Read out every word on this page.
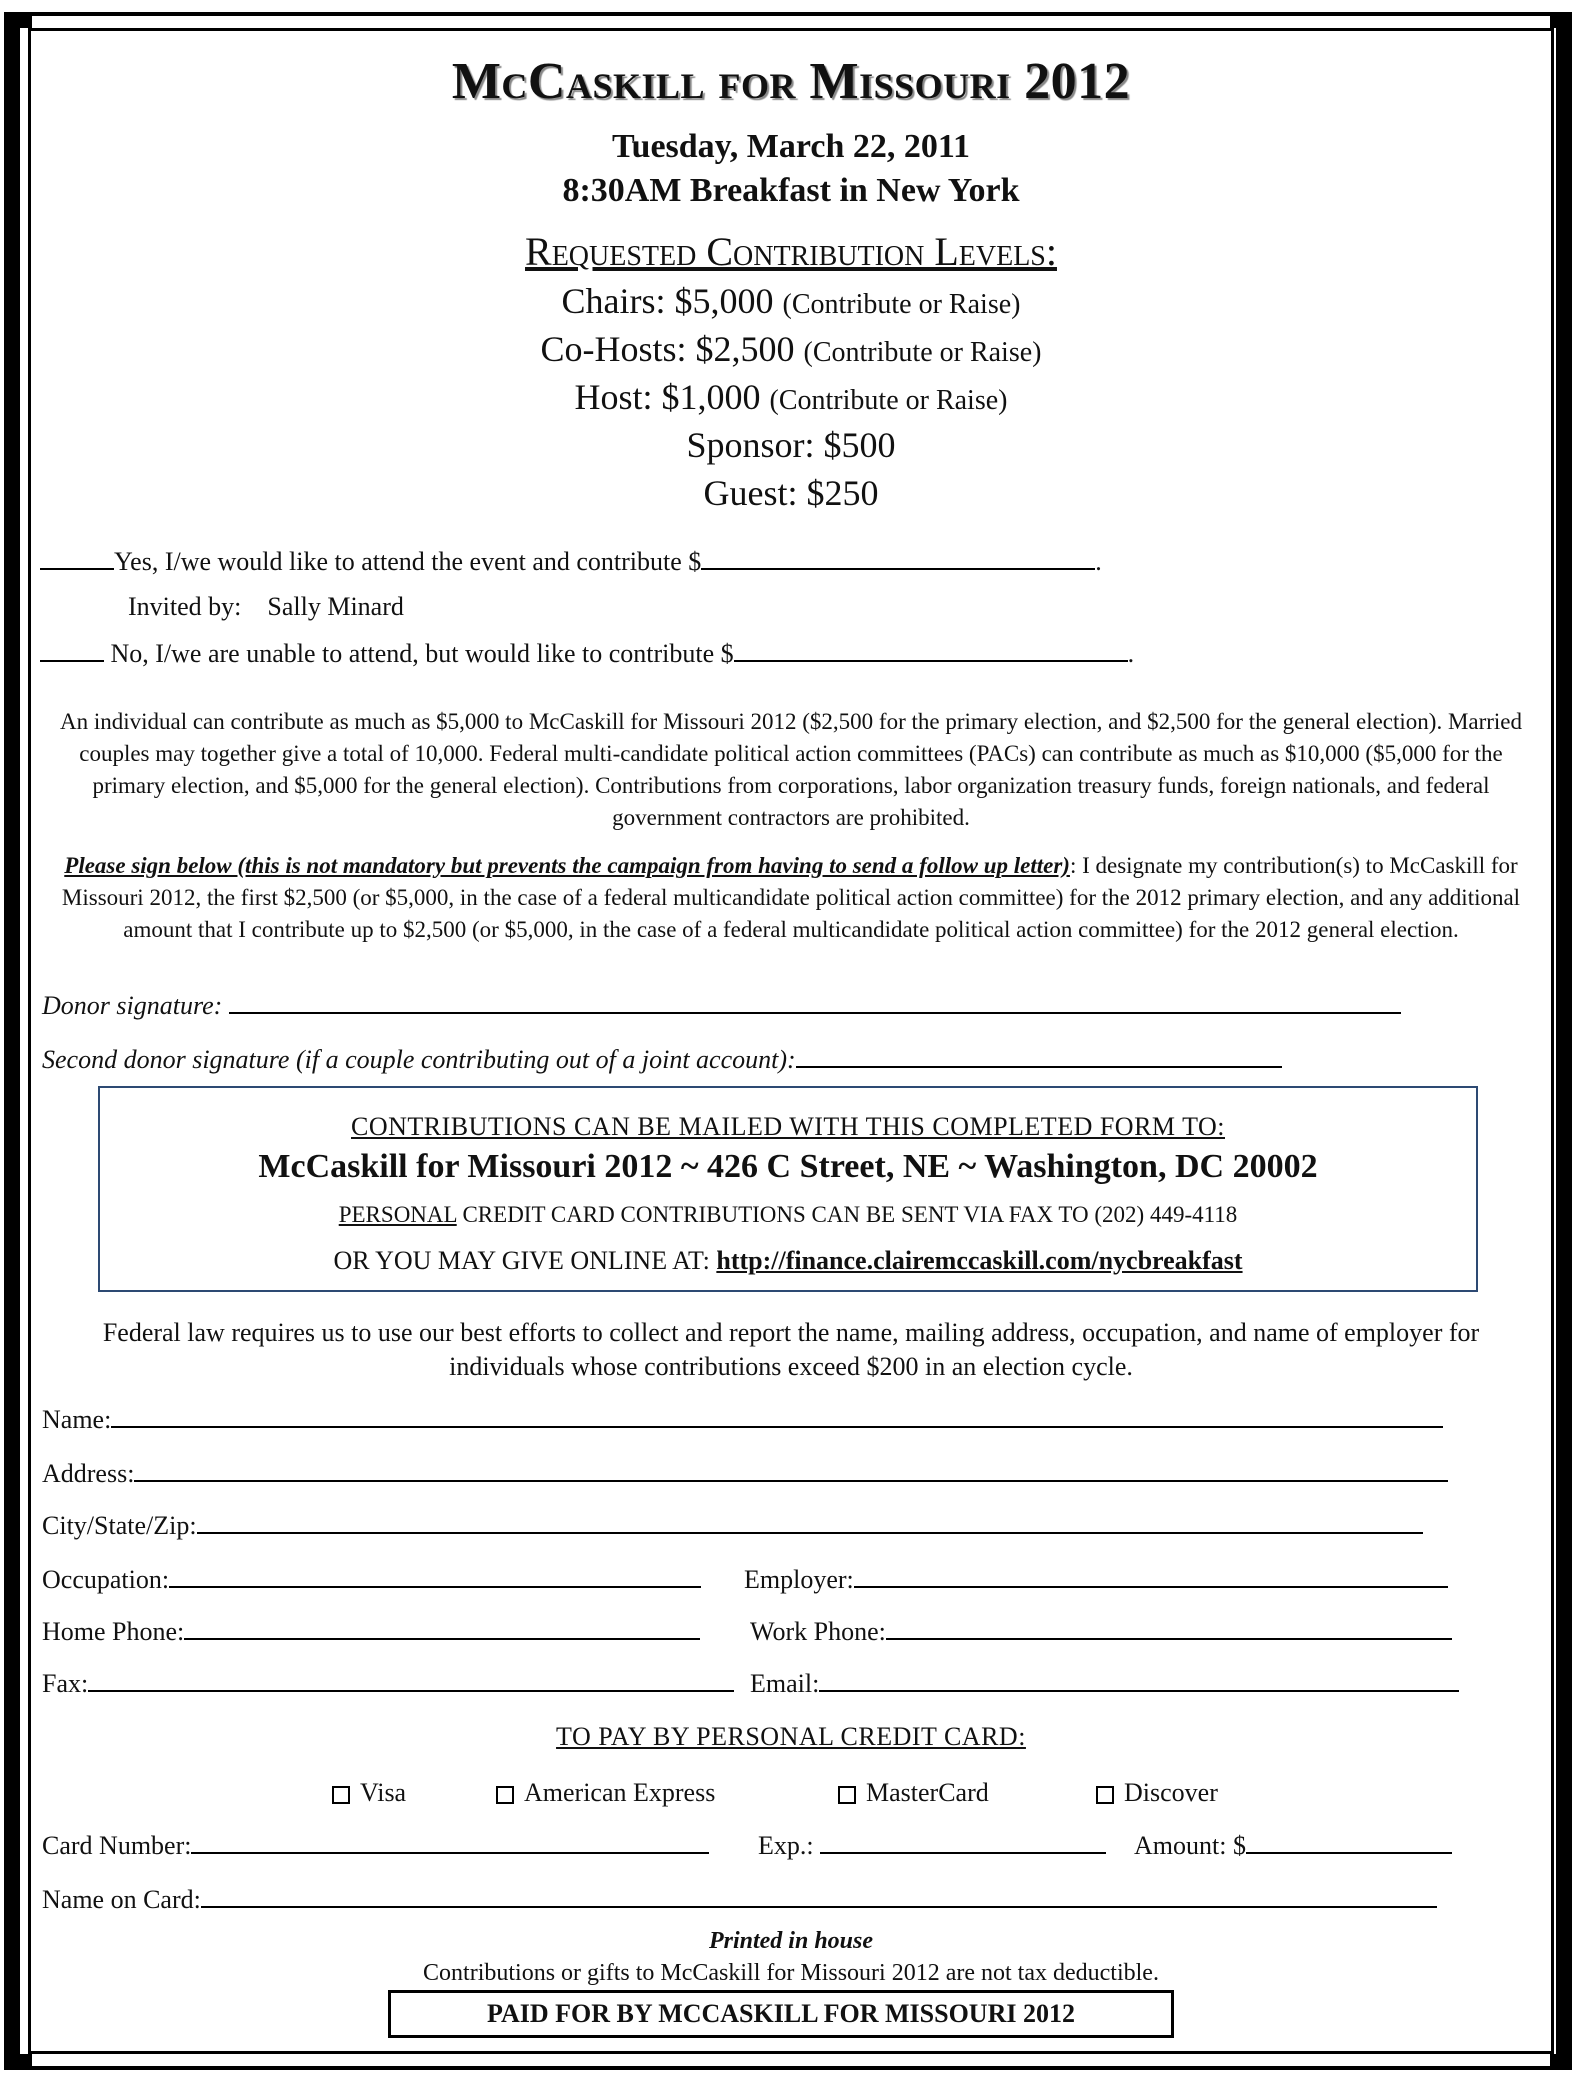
McCaskill for Missouri 2012
Tuesday, March 22, 2011
8:30AM Breakfast in New York
Requested Contribution Levels:
Chairs: $5,000 (Contribute or Raise)
Co-Hosts: $2,500 (Contribute or Raise)
Host: $1,000 (Contribute or Raise)
Sponsor: $500
Guest: $250
Yes, I/we would like to attend the event and contribute $	.
Invited by: Sally Minard
No, I/we are unable to attend, but would like to contribute $	.
An individual can contribute as much as $5,000 to McCaskill for Missouri 2012 ($2,500 for the primary election, and $2,500 for the general election). Married couples may together give a total of 10,000. Federal multi-candidate political action committees (PACs) can contribute as much as $10,000 ($5,000 for the primary election, and $5,000 for the general election). Contributions from corporations, labor organization treasury funds, foreign nationals, and federal government contractors are prohibited.
Please sign below (this is not mandatory but prevents the campaign from having to send a follow up letter): I designate my contribution(s) to McCaskill for Missouri 2012, the first $2,500 (or $5,000, in the case of a federal multicandidate political action committee) for the 2012 primary election, and any additional amount that I contribute up to $2,500 (or $5,000, in the case of a federal multicandidate political action committee) for the 2012 general election.
Donor signature:
Second donor signature (if a couple contributing out of a joint account):
CONTRIBUTIONS CAN BE MAILED WITH THIS COMPLETED FORM TO:
McCaskill for Missouri 2012 ~ 426 C Street, NE ~ Washington, DC 20002
PERSONAL CREDIT CARD CONTRIBUTIONS CAN BE SENT VIA FAX TO (202) 449-4118
OR YOU MAY GIVE ONLINE AT: http://finance.clairemccaskill.com/nycbreakfast
Federal law requires us to use our best efforts to collect and report the name, mailing address, occupation, and name of employer for individuals whose contributions exceed $200 in an election cycle.
Name:
Address:
City/State/Zip:
Occupation:	Employer:
Home Phone:	Work Phone:
Fax:	Email:
TO PAY BY PERSONAL CREDIT CARD:
Visa	American Express	MasterCard	Discover
Card Number:	Exp.:	Amount: $
Name on Card:
Printed in house
Contributions or gifts to McCaskill for Missouri 2012 are not tax deductible.
PAID FOR BY MCCASKILL FOR MISSOURI 2012
